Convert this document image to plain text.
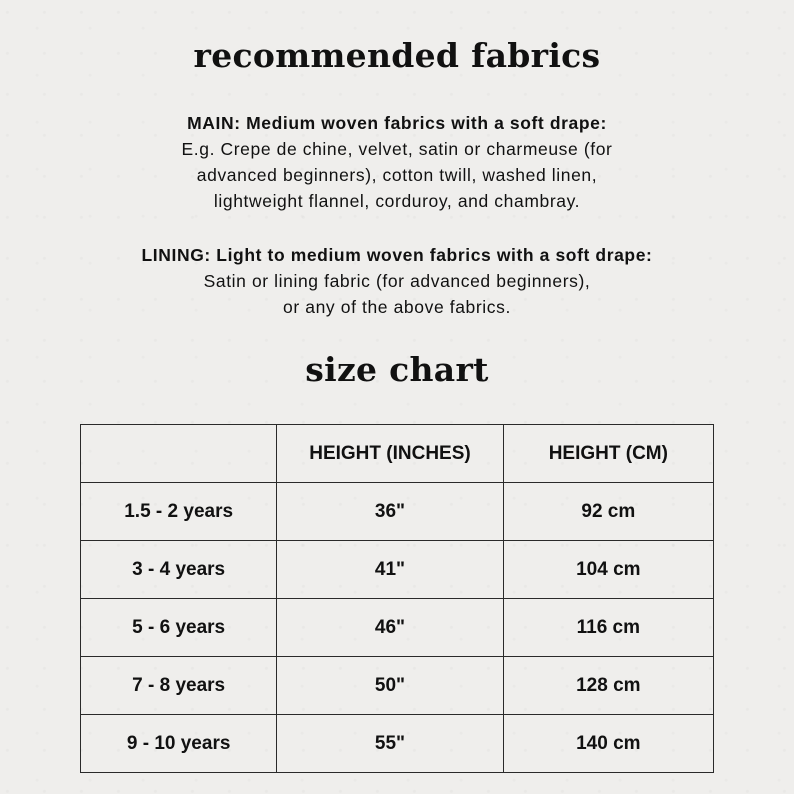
recommended fabrics
MAIN: Medium woven fabrics with a soft drape:
E.g. Crepe de chine, velvet, satin or charmeuse (for
advanced beginners), cotton twill, washed linen,
lightweight flannel, corduroy, and chambray.
LINING: Light to medium woven fabrics with a soft drape:
Satin or lining fabric (for advanced beginners),
or any of the above fabrics.
size chart
	HEIGHT (INCHES)	HEIGHT (CM)
1.5 - 2 years	36"	92 cm
3 - 4 years	41"	104 cm
5 - 6 years	46"	116 cm
7 - 8 years	50"	128 cm
9 - 10 years	55"	140 cm
